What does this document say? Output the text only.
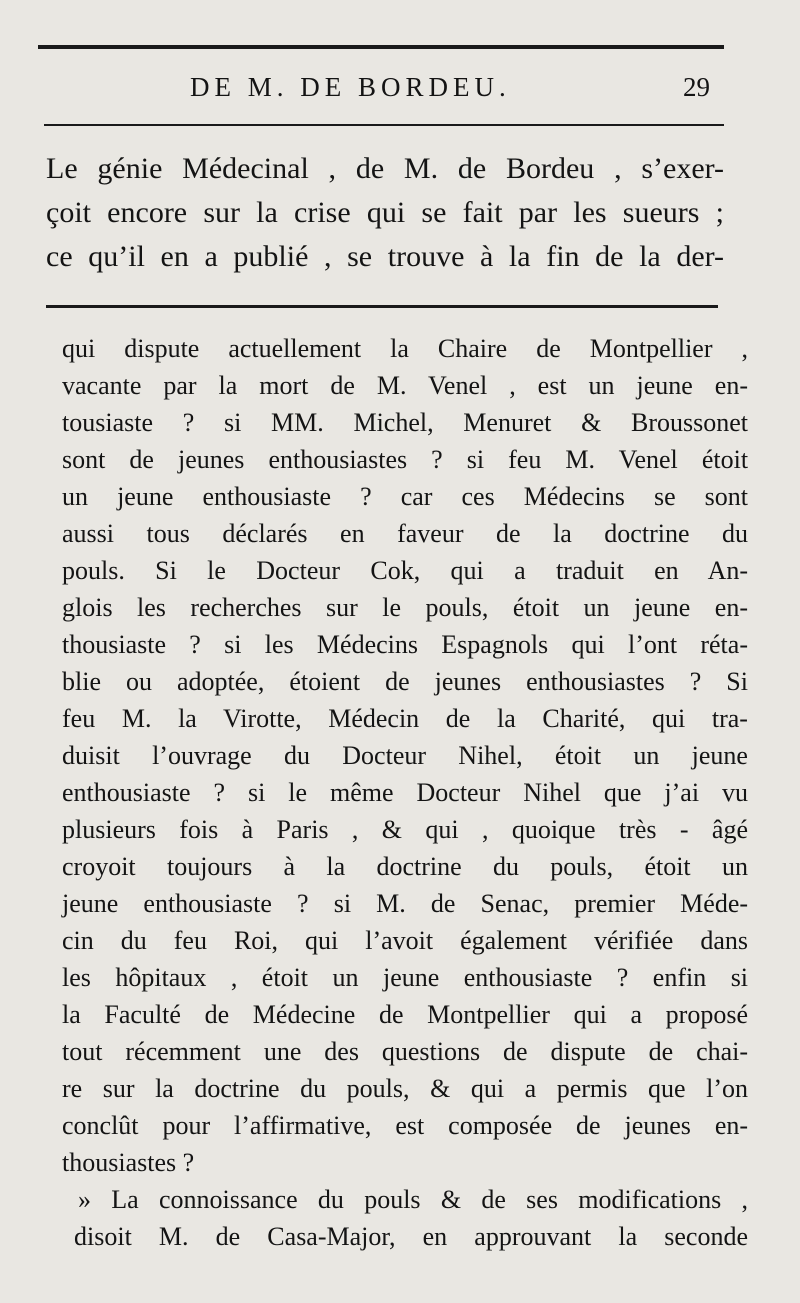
DE M. DE BORDEU.	29
Le génie Médecinal , de M. de Bordeu , s’exer-
çoit encore sur la crise qui se fait par les sueurs ;
ce qu’il en a publié , se trouve à la fin de la der-
qui dispute actuellement la Chaire de Montpellier ,
vacante par la mort de M. Venel , est un jeune en-
tousiaste ? si MM. Michel, Menuret & Broussonet
sont de jeunes enthousiastes ? si feu M. Venel étoit
un jeune enthousiaste ? car ces Médecins se sont
aussi tous déclarés en faveur de la doctrine du
pouls. Si le Docteur Cok, qui a traduit en An-
glois les recherches sur le pouls, étoit un jeune en-
thousiaste ? si les Médecins Espagnols qui l’ont réta-
blie ou adoptée, étoient de jeunes enthousiastes ? Si
feu M. la Virotte, Médecin de la Charité, qui tra-
duisit l’ouvrage du Docteur Nihel, étoit un jeune
enthousiaste ? si le même Docteur Nihel que j’ai vu
plusieurs fois à Paris , & qui , quoique très - âgé
croyoit toujours à la doctrine du pouls, étoit un
jeune enthousiaste ? si M. de Senac, premier Méde-
cin du feu Roi, qui l’avoit également vérifiée dans
les hôpitaux , étoit un jeune enthousiaste ? enfin si
la Faculté de Médecine de Montpellier qui a proposé
tout récemment une des questions de dispute de chai-
re sur la doctrine du pouls, & qui a permis que l’on
conclût pour l’affirmative, est composée de jeunes en-
thousiastes ?
» La connoissance du pouls & de ses modifications ,
disoit M. de Casa-Major, en approuvant la seconde
